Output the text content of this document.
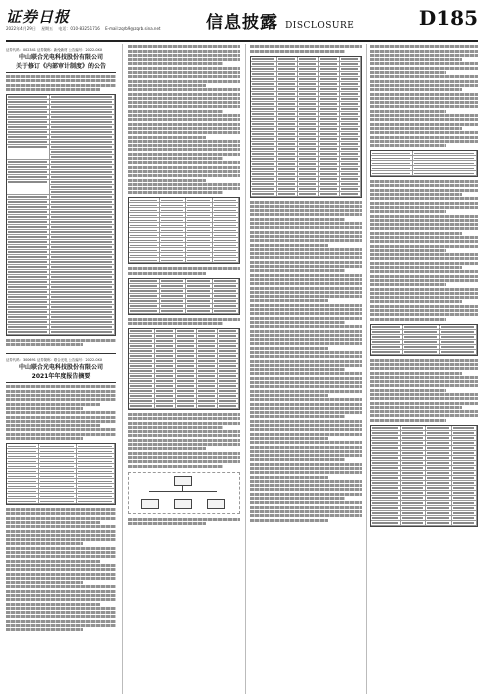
证券日报
2022年4月29日 星期五 电话：010-83251716 E-mail:zqrb9@zqrb.sina.net	信息披露 DISCLOSURE	D185
证券代码：002341 证券简称：新纶新材 公告编号：2022-0XX
中山联合光电科技股份有限公司
关于修订《内部审计制度》的公告
证券代码：300691 证券简称：联合光电 公告编号：2022-0XX
中山联合光电科技股份有限公司
2021年年度报告摘要
